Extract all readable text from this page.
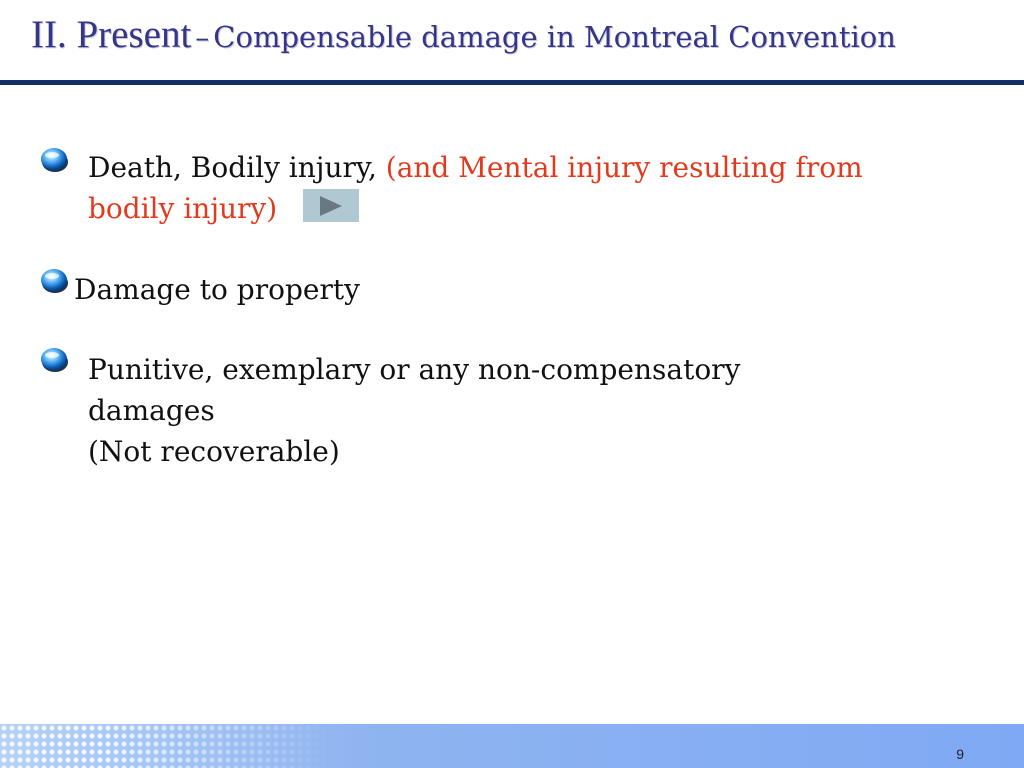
II. Present – Compensable damage in Montreal Convention
Death, Bodily injury, (and Mental injury resulting from bodily injury)
Damage to property
Punitive, exemplary or any non-compensatory
damages
(Not recoverable)
9
